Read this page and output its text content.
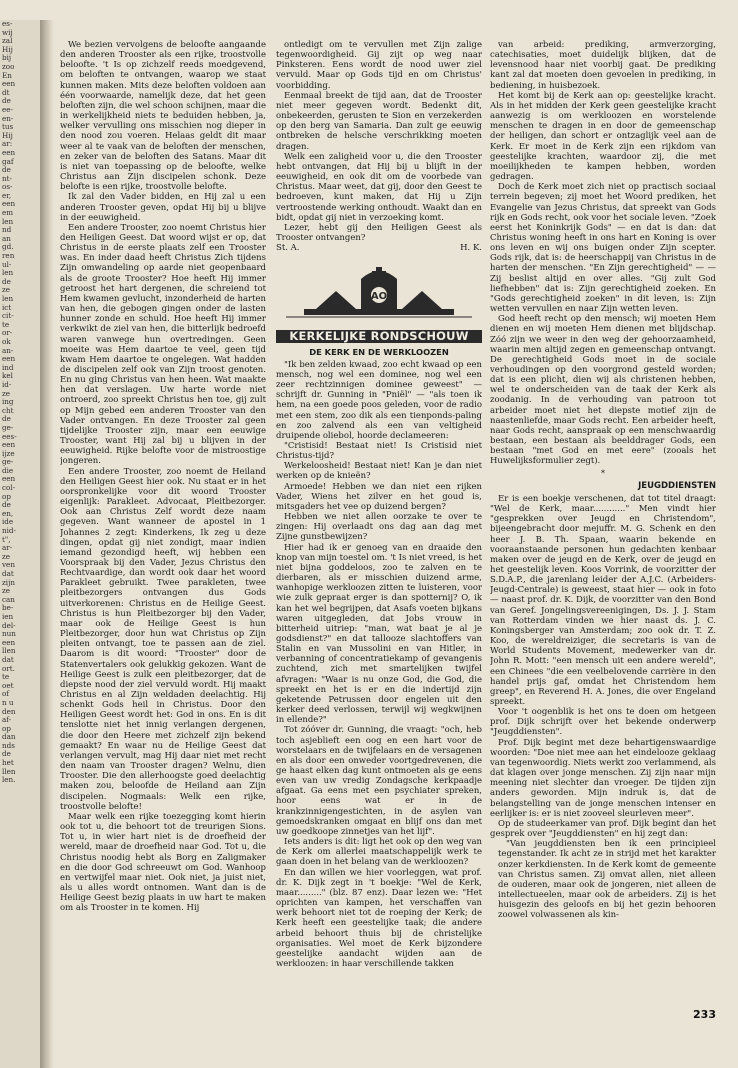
es-

wij

zal

Hij

bij

zoo

En

een

dt

de

ee-

en-

tus

Hij

ar:

een

gaf

de

nt-

os-

er,

een

em

len

nd

an

gd.

ren

ul-

len

de

ze

len

ict

cit-

te

or-

ok

an-

een

ind

kel

id-

ze

ing

cht

de

ge-

ees-

een

ijze

ge-

die

een

col-

op

de

en,

ide

nid-

t",

ar-

ze

ven

dat

zijn

ze

can

be-

ien

del-

nun

een

llen

dat

ort.

te

oet

of

n u

den

af-

op

dan

nds

de

het

llen

len.

We bezien vervolgens de beloofte aangaande den anderen Trooster als een rijke, troostvolle beloofte. 't Is op zichzelf reeds moedgevend, om beloften te ontvangen, waarop we staat kunnen maken. Mits deze beloften voldoen aan één voorwaarde, namelijk deze, dat het geen beloften zijn, die wel schoon schijnen, maar die in werkelijkheid niets te beduiden hebben, ja, welker vervulling ons misschien nog dieper in den nood zou voeren. Helaas geldt dit maar weer al te vaak van de beloften der menschen, en zeker van de beloften des Satans. Maar dit is niet van toepassing op de beloofte, welke Christus aan Zijn discipelen schonk. Deze belofte is een rijke, troostvolle belofte.

Ik zal den Vader bidden, en Hij zal u een anderen Trooster geven, opdat Hij bij u blijve in der eeuwigheid.

Een andere Trooster, zoo noemt Christus hier den Heiligen Geest. Dat woord wijst er op, dat Christus in de eerste plaats zelf een Trooster was. En inder daad heeft Christus Zich tijdens Zijn omwandeling op aarde niet geopenbaard als de groote Trooster? Hoe heeft Hij immer getroost het hart dergenen, die schreiend tot Hem kwamen gevlucht, inzonderheid de harten van hen, die gebogen gingen onder de lasten hunner zonde en schuld. Hoe heeft Hij immer verkwikt de ziel van hen, die bitterlijk bedroefd waren vanwege hun overtredingen. Geen moeite was Hem daartoe te veel, geen tijd kwam Hem daartoe te ongelegen. Wat hadden de discipelen zelf ook van Zijn troost genoten. En nu ging Christus van hen heen. Wat maakte hen dat verslagen. Uw harte worde niet ontroerd, zoo spreekt Christus hen toe, gij zult op Mijn gebed een anderen Trooster van den Vader ontvangen. En deze Trooster zal geen tijdelijke Trooster zijn, maar een eeuwige Trooster, want Hij zal bij u blijven in der eeuwigheid. Rijke belofte voor de mistroostige jongeren.

Een andere Trooster, zoo noemt de Heiland den Heiligen Geest hier ook. Nu staat er in het oorspronkelijke voor dit woord Trooster eigenlijk: Parakleet. Advocaat, Pleitbezorger. Ook aan Christus Zelf wordt deze naam gegeven. Want wanneer de apostel in 1 Johannes 2 zegt: Kinderkens, Ik zeg u deze dingen, opdat gij niet zondigt, maar indien iemand gezondigd heeft, wij hebben een Voorspraak bij den Vader, Jezus Christus den Rechtvaardige, dan wordt ook daar het woord Parakleet gebruikt. Twee parakleten, twee pleitbezorgers ontvangen dus Gods uitverkorenen: Christus en de Heilige Geest. Christus is hun Pleitbezorger bij den Vader, maar ook de Heilige Geest is hun Pleitbezorger, door hun wat Christus op Zijn pleiten ontvangt, toe te passen aan de ziel. Daarom is dit woord: "Trooster" door de Statenvertalers ook gelukkig gekozen. Want de Heilige Geest is zulk een pleitbezorger, dat de diepste nood der ziel vervuld wordt. Hij maakt Christus en al Zijn weldaden deelachtig. Hij schenkt Gods heil in Christus. Door den Heiligen Geest wordt het: God in ons. En is dit tenslotte niet het innig verlangen dergenen, die door den Heere met zichzelf zijn bekend gemaakt? En waar nu de Heilige Geest dat verlangen vervult, mag Hij daar niet met recht den naam van Trooster dragen? Welnu, dien Trooster. Die den allerhoogste goed deelachtig maken zou, beloofde de Heiland aan Zijn discipelen. Nogmaals: Welk een rijke, troostvolle belofte!

Maar welk een rijke toezegging komt hierin ook tot u, die behoort tot de treurigen Sions. Tot u, in wier hart niet is de droefheid der wereld, maar de droefheid naar God. Tot u, die Christus noodig hebt als Borg en Zaligmaker en die door God schreeuwt om God. Wanhoop en vertwijfel maar niet. Ook niet, ja juist niet, als u alles wordt ontnomen. Want dan is de Heilige Geest bezig plaats in uw hart te maken om als Trooster in te komen. Hij

ontledigt om te vervullen met Zijn zalige tegenwoordigheid. Gij zijt op weg naar Pinksteren. Eens wordt de nood uwer ziel vervuld. Maar op Gods tijd en om Christus' voorbidding.

Eenmaal breekt de tijd aan, dat de Trooster niet meer gegeven wordt. Bedenkt dit, onbekeerden, gerusten te Sion en verzekerden op den berg van Samaria. Dan zult ge eeuwig ontbreken de helsche verschrikking moeten dragen.

Welk een zaligheid voor u, die den Trooster hebt ontvangen, dat Hij bij u blijft in der eeuwigheid, en ook dit om de voorbede van Christus. Maar weet, dat gij, door den Geest te bedroeven, kunt maken, dat Hij u Zijn vertroostende werking onthoudt. Waakt dan en bidt, opdat gij niet in verzoeking komt.

Lezer, hebt gij den Heiligen Geest als Trooster ontvangen?

St. A.	H. K.
AO
KERKELIJKE RONDSCHOUW
DE KERK EN DE WERKLOOZEN

"Ik ben zelden kwaad, zoo echt kwaad op een mensch, nog wel een dominee, nog wel een zeer rechtzinnigen dominee geweest" — schrijft dr. Gunning in "Pniël" — "als toen ik hem, na een goede poos geleden, voor de radio met een stem, zoo dik als een tienponds-paling en zoo zalvend als een van veltigheid druipende oliebol, hoorde declameeren:

"Cristisid! Bestaat niet! Is Cristisid niet Christus-tijd?

Werkeloosheid! Bestaat niet! Kan je dan niet werken op de knieën?

Armoede! Hebben we dan niet een rijken Vader, Wiens het zilver en het goud is, mitsgaders het vee op duizend bergen?

Hebben we niet allen oorzake te over te zingen: Hij overlaadt ons dag aan dag met Zijne gunstbewijzen?

Hier had ik er genoeg van en draaide den knop van mijn toestel om. 't Is niet vreed, is het niet bijna goddeloos, zoo te zalven en te dierbaren, als er misschien duizend arme, wanhopige werkloozen zitten te luisteren, voor wie zulk gepraat erger is dan spotternij? O, ik kan het wel begrijpen, dat Asafs voeten bijkans waren uitgegleden, dat Jobs vrouw in bitterheid uitriep: "man, wat baat je al je godsdienst?" en dat tallooze slachtoffers van Stalin en van Mussolini en van Hitler, in verbanning of concentratiekamp of gevangenis zuchtend, zich met smartelijken twijfel afvragen: "Waar is nu onze God, die God, die spreekt en het is er en die indertijd zijn geketende Petrussen door engelen uit den kerker deed verlossen, terwijl wij wegkwijnen in ellende?"

Tot zóóver dr. Gunning, die vraagt: "och, heb toch asjeblieft een oog en een hart voor de worstelaars en de twijfelaars en de versagenen en als door een onweder voortgedrevenen, die ge haast elken dag kunt ontmoeten als ge eens even van uw vredig Zondagsche kerkpaadje afgaat. Ga eens met een psychiater spreken, hoor eens wat er in de krankzinnigengestichten, in de asylen van gemoedskranken omgaat en blijf ons dan met uw goedkoope zinnetjes van het lijf".

Iets anders is dit: ligt het ook op den weg van de Kerk om allerlei maatschappelijk werk te gaan doen in het belang van de werkloozen?

En dan willen we hier voorleggen, wat prof. dr. K. Dijk zegt in 't boekje: "Wel de Kerk, maar........." (blz. 87 enz). Daar lezen we: "Het oprichten van kampen, het verschaffen van werk behoort niet tot de roeping der Kerk; de Kerk heeft een geestelijke taak; die andere arbeid behoort thuis bij de christelijke organisaties. Wel moet de Kerk bijzondere geestelijke aandacht wijden aan de werkloozen: in haar verschillende takken

van arbeid: prediking, armverzorging, catechisaties, moet duidelijk blijken, dat de levensnood haar niet voorbij gaat. De prediking kant zal dat moeten doen gevoelen in prediking, in bediening, in huisbezoek.

Het komt bij de Kerk aan op: geestelijke kracht. Als in het midden der Kerk geen geestelijke kracht aanwezig is om werkloozen en worstelende menschen te dragen in en door de gemeenschap der heiligen, dan schort er ontzaglijk veel aan de Kerk. Er moet in de Kerk zijn een rijkdom van geestelijke krachten, waardoor zij, die met moeilijkheden te kampen hebben, worden gedragen.

Doch de Kerk moet zich niet op practisch sociaal terrein begeven; zij moet het Woord prediken, het Evangelie van Jezus Christus, dat spreekt van Gods rijk en Gods recht, ook voor het sociale leven. "Zoek eerst het Koninkrijk Gods" — en dat is dan: dat Christus woning heeft in ons hart en Koning is over ons leven en wij ons buigen onder Zijn scepter. Gods rijk, dat is: de heerschappij van Christus in de harten der menschen. "En Zijn gerechtigheid" — — Zij beslist altijd en over alles. "Gij zult God liefhebben" dat is: Zijn gerechtigheid zoeken. En "Gods gerechtigheid zoeken" in dit leven, is: Zijn wetten vervullen en naar Zijn wetten leven.

God heeft recht op den mensch; wij moeten Hem dienen en wij moeten Hem dienen met blijdschap. Zóó zijn we weer in den weg der gehoorzaamheid, waarin men altijd zegen en gemeenschap ontvangt. De gerechtigheid Gods moet in de sociale verhoudingen op den voorgrond gesteld worden; dat is een plicht, dien wij als christenen hebben, wel te onderscheiden van de taak der Kerk als zoodanig. In de verhouding van patroon tot arbeider moet niet het diepste motief zijn de naastenliefde, maar Gods recht. Een arbeider heeft, naar Gods recht, aanspraak op een menschwaardig bestaan, een bestaan als beelddrager Gods, een bestaan "met God en met eere" (zooals het Huwelijksformulier zegt).

*
JEUGDDIENSTEN

Er is een boekje verschenen, dat tot titel draagt: "Wel de Kerk, maar............" Men vindt hier "gesprekken over Jeugd en Christendom", bijeengebracht door mejuffr. M. G. Schenk en den heer J. B. Th. Spaan, waarin bekende en vooraanstaande personen hun gedachten kenbaar maken over de jeugd en de Kerk, over de jeugd en het geestelijk leven. Koos Vorrink, de voorzitter der S.D.A.P., die jarenlang leider der A.J.C. (Arbeiders-Jeugd-Centrale) is geweest, staat hier — ook in foto — naast prof. dr. K. Dijk, de voorzitter van den Bond van Geref. Jongelingsvereenigingen, Ds. J. J. Stam van Rotterdam vinden we hier naast ds. J. C. Koningsberger van Amsterdam; zoo ook dr. T. Z. Koo, de wereldreiziger, die secretaris is van de World Students Movement, medewerker van dr. John R. Mott: "een mensch uit een andere wereld", een Chinees "die een veelbelovende carrière in den handel prijs gaf, omdat het Christendom hem greep", en Reverend H. A. Jones, die over Engeland spreekt.

Voor 't oogenblik is het ons te doen om hetgeen prof. Dijk schrijft over het bekende onderwerp "Jeugddiensten".

Prof. Dijk begint met deze behartigenswaardige woorden: "Doe niet mee aan het eindelooze geklaag van tegenwoordig. Niets werkt zoo verlammend, als dat klagen over jonge menschen. Zij zijn naar mijn meening niet slechter dan vroeger. De tijden zijn anders geworden. Mijn indruk is, dat de belangstelling van de jonge menschen intenser en eerlijker is: er is niet zooveel sleurleven meer".

Op de studeerkamer van prof. Dijk begint dan het gesprek over "Jeugddiensten" en hij zegt dan:

"Van jeugddiensten ben ik een principieel tegenstander. Ik acht ze in strijd met het karakter onzer kerkdiensten. In de Kerk komt de gemeente van Christus samen. Zij omvat allen, niet alleen de ouderen, maar ook de jongeren, niet alleen de intellectueelen, maar ook de arbeiders. Zij is het huisgezin des geloofs en bij het gezin behooren zoowel volwassenen als kin-

233
